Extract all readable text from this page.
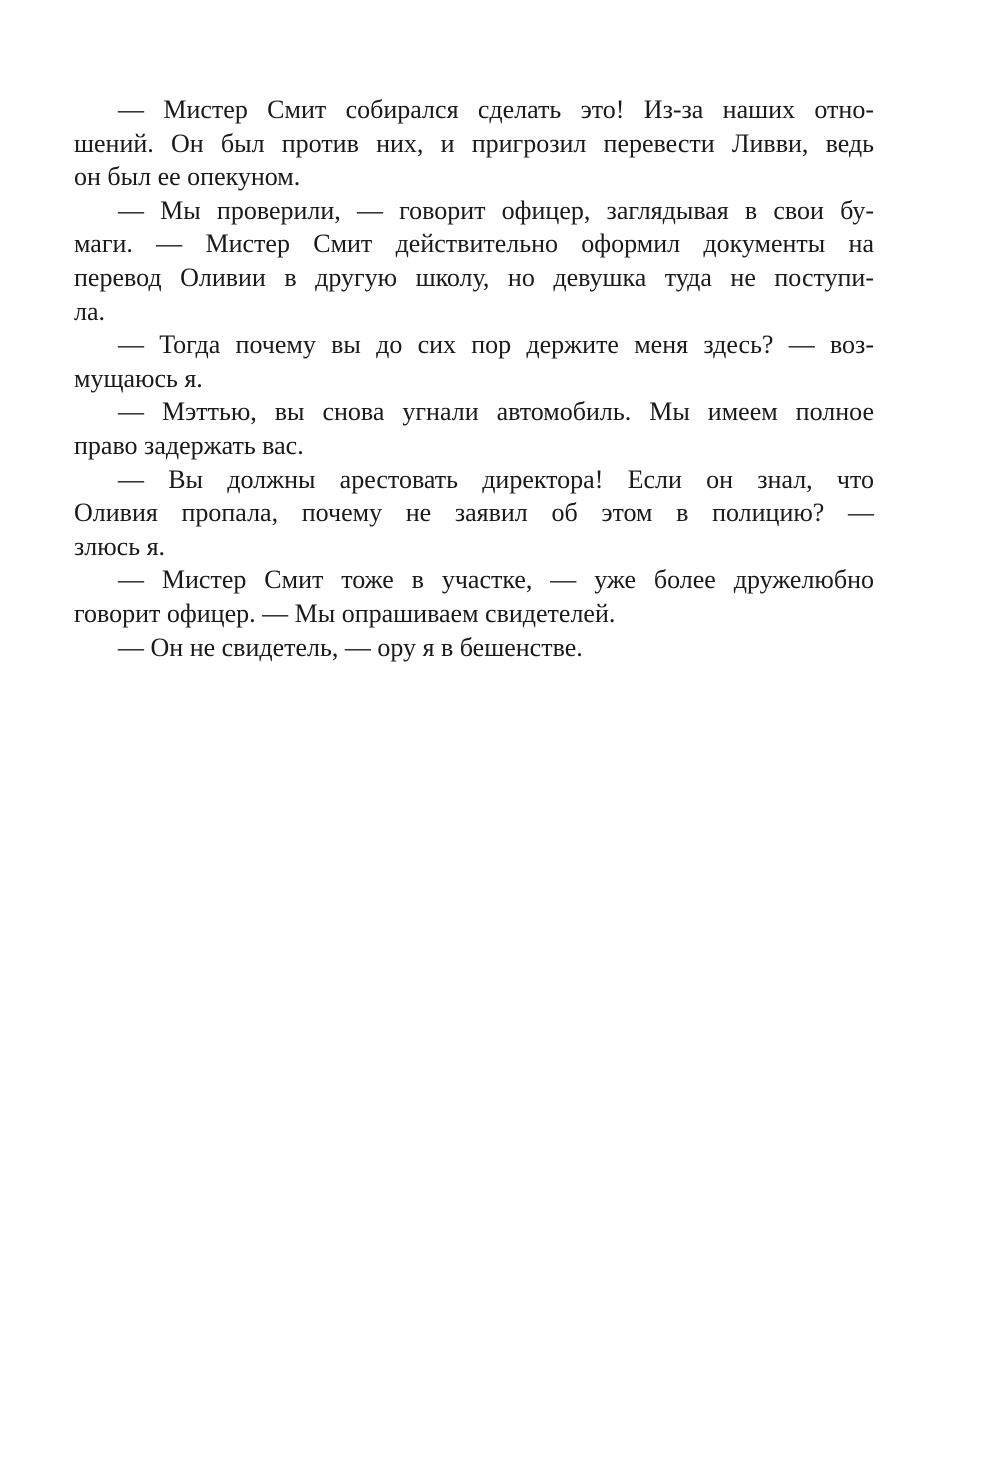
— Мистер Смит собирался сделать это! Из-за наших отно-
шений. Он был против них, и пригрозил перевести Ливви, ведь
он был ее опекуном.
— Мы проверили, — говорит офицер, заглядывая в свои бу-
маги. — Мистер Смит действительно оформил документы на
перевод Оливии в другую школу, но девушка туда не поступи-
ла.
— Тогда почему вы до сих пор держите меня здесь? — воз-
мущаюсь я.
— Мэттью, вы снова угнали автомобиль. Мы имеем полное
право задержать вас.
— Вы должны арестовать директора! Если он знал, что
Оливия пропала, почему не заявил об этом в полицию? —
злюсь я.
— Мистер Смит тоже в участке, — уже более дружелюбно
говорит офицер. — Мы опрашиваем свидетелей.
— Он не свидетель, — ору я в бешенстве.
